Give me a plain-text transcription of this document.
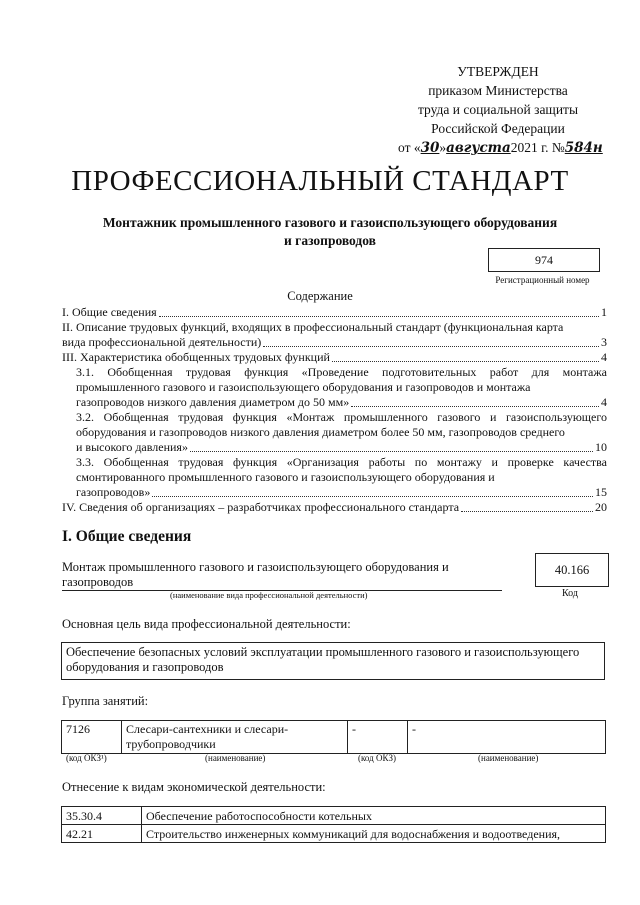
УТВЕРЖДЕН
приказом Министерства
труда и социальной защиты
Российской Федерации
от «30»августа2021 г. №584н
ПРОФЕССИОНАЛЬНЫЙ СТАНДАРТ
Монтажник промышленного газового и газоиспользующего оборудования
и газопроводов
974
Регистрационный номер
Содержание
I. Общие сведения	1
II. Описание трудовых функций, входящих в профессиональный стандарт (функциональная карта
вида профессиональной деятельности)	3
III. Характеристика обобщенных трудовых функций	4
3.1. Обобщенная трудовая функция «Проведение подготовительных работ для монтажа промышленного газового и газоиспользующего оборудования и газопроводов и монтажа
газопроводов низкого давления диаметром до 50 мм»	4
3.2. Обобщенная трудовая функция «Монтаж промышленного газового и газоиспользующего оборудования и газопроводов низкого давления диаметром более 50 мм, газопроводов среднего
и высокого давления»	10
3.3. Обобщенная трудовая функция «Организация работы по монтажу и проверке качества смонтированного промышленного газового и газоиспользующего оборудования и
газопроводов»	15
IV. Сведения об организациях – разработчиках профессионального стандарта	20
I. Общие сведения
Монтаж промышленного газового и газоиспользующего оборудования и
газопроводов
(наименование вида профессиональной деятельности)
40.166
Код
Основная цель вида профессиональной деятельности:
Обеспечение безопасных условий эксплуатации промышленного газового и газоиспользующего оборудования и газопроводов
Группа занятий:
7126	Слесари-сантехники и слесари-трубопроводчики	-	-
(код ОКЗ¹)	(наименование)	(код ОКЗ)	(наименование)
Отнесение к видам экономической деятельности:
35.30.4	Обеспечение работоспособности котельных
42.21	Строительство инженерных коммуникаций для водоснабжения и водоотведения,
